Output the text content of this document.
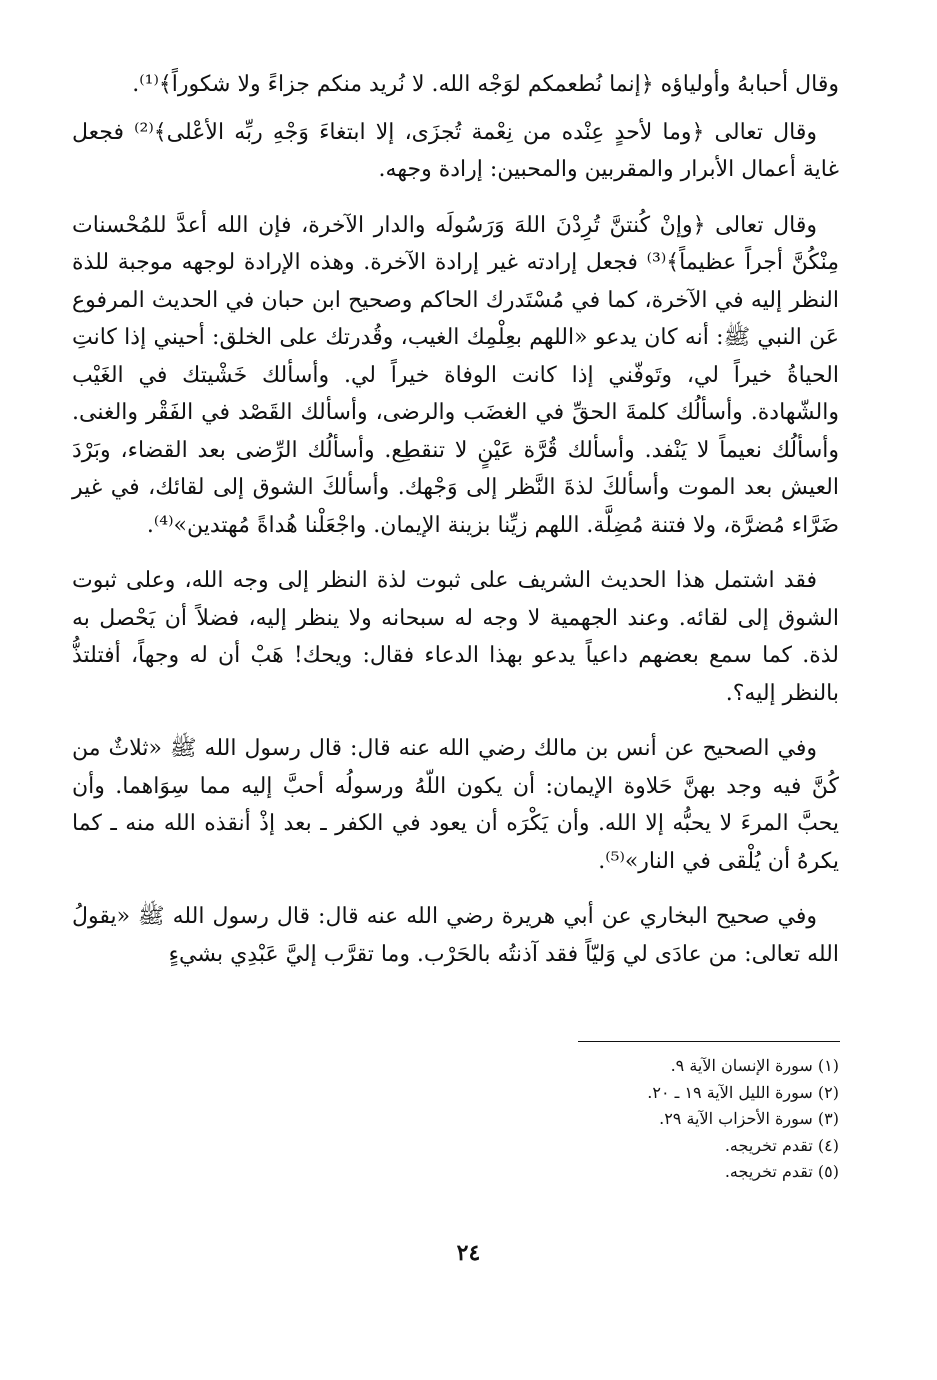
وقال أحبابهُ وأولياؤه ﴿إنما نُطعمكم لوَجْه الله. لا نُريد منكم جزاءً ولا شكوراً﴾⁽¹⁾.

وقال تعالى ﴿وما لأحدٍ عِنْده من نِعْمة تُجزَى، إلا ابتغاءَ وَجْهِ ربِّه الأعْلى﴾⁽²⁾ فجعل غاية أعمال الأبرار والمقربين والمحبين: إرادة وجهه.

وقال تعالى ﴿وإنْ كُنتنَّ تُرِدْنَ اللهَ وَرَسُولَه والدار الآخرة، فإن الله أعدَّ للمُحْسنات مِنْكُنَّ أجراً عظيماً﴾⁽³⁾ فجعل إرادته غير إرادة الآخرة. وهذه الإرادة لوجهه موجبة للذة النظر إليه في الآخرة، كما في مُسْتَدرك الحاكم وصحيح ابن حبان في الحديث المرفوع عَن النبي ﷺ: أنه كان يدعو «اللهم بعِلْمِك الغيب، وقُدرتك على الخلق: أحيني إذا كانتِ الحياةُ خيراً لي، وتَوفّني إذا كانت الوفاة خيراً لي. وأسألك خَشْيتك في الغَيْب والشّهادة. وأسألُك كلمةَ الحقِّ في الغضَب والرضى، وأسألك القَصْد في الفَقْر والغنى. وأسألُك نعيماً لا يَنْفد. وأسألك قُرَّة عَيْنٍ لا تنقطِع. وأسألُك الرِّضى بعد القضاء، وبَرْدَ العيش بعد الموت وأسألكَ لذةَ النَّظر إلى وَجْهك. وأسألكَ الشوق إلى لقائك، في غير ضَرَّاء مُضرَّة، ولا فتنة مُضِلَّة. اللهم زيِّنا بزينة الإيمان. واجْعَلْنا هُداةً مُهتدين»⁽⁴⁾.

فقد اشتمل هذا الحديث الشريف على ثبوت لذة النظر إلى وجه الله، وعلى ثبوت الشوق إلى لقائه. وعند الجهمية لا وجه له سبحانه ولا ينظر إليه، فضلاً أن يَحْصل به لذة. كما سمع بعضهم داعياً يدعو بهذا الدعاء فقال: ويحك! هَبْ أن له وجهاً، أفتلتذُّ بالنظر إليه؟.

وفي الصحيح عن أنس بن مالك رضي الله عنه قال: قال رسول الله ﷺ «ثلاثٌ من كُنَّ فيه وجد بهنَّ حَلاوة الإيمان: أن يكون اللّهُ ورسولُه أحبَّ إليه مما سِوَاهما. وأن يحبَّ المرءَ لا يحبُّه إلا الله. وأن يَكْرَه أن يعود في الكفر ـ بعد إذْ أنقذه الله منه ـ كما يكرهُ أن يُلْقى في النار»⁽⁵⁾.

وفي صحيح البخاري عن أبي هريرة رضي الله عنه قال: قال رسول الله ﷺ «يقولُ الله تعالى: من عادَى لي وَليّاً فقد آذنتُه بالحَرْب. وما تقرَّب إليَّ عَبْدِي بشيءٍ

(١) سورة الإنسان الآية ٩.
(٢) سورة الليل الآية ١٩ ـ ٢٠.
(٣) سورة الأحزاب الآية ٢٩.
(٤) تقدم تخريجه.
(٥) تقدم تخريجه.
٢٤
